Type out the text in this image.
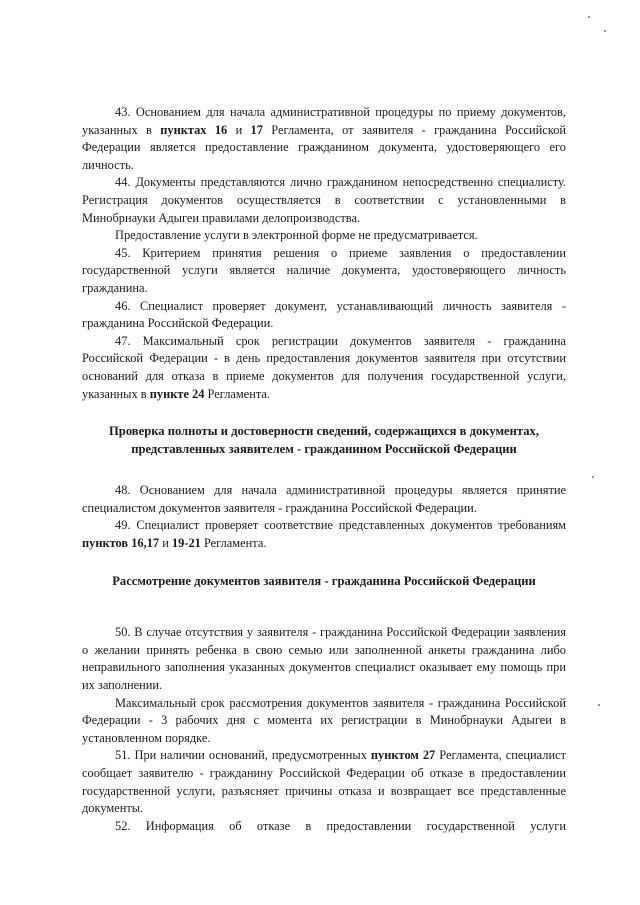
43. Основанием для начала административной процедуры по приему документов, указанных в пунктах 16 и 17 Регламента, от заявителя - гражданина Российской Федерации является предоставление гражданином документа, удостоверяющего его личность.

44. Документы представляются лично гражданином непосредственно специалисту. Регистрация документов осуществляется в соответствии с установленными в Минобрнауки Адыгеи правилами делопроизводства.

Предоставление услуги в электронной форме не предусматривается.

45. Критерием принятия решения о приеме заявления о предоставлении государственной услуги является наличие документа, удостоверяющего личность гражданина.

46. Специалист проверяет документ, устанавливающий личность заявителя - гражданина Российской Федерации.

47. Максимальный срок регистрации документов заявителя - гражданина Российской Федерации - в день предоставления документов заявителя при отсутствии оснований для отказа в приеме документов для получения государственной услуги, указанных в пункте 24 Регламента.

Проверка полноты и достоверности сведений, содержащихся в документах,
представленных заявителем - гражданином Российской Федерации

48. Основанием для начала административной процедуры является принятие специалистом документов заявителя - гражданина Российской Федерации.

49. Специалист проверяет соответствие представленных документов требованиям пунктов 16,17 и 19-21 Регламента.

Рассмотрение документов заявителя - гражданина Российской Федерации

50. В случае отсутствия у заявителя - гражданина Российской Федерации заявления о желании принять ребенка в свою семью или заполненной анкеты гражданина либо неправильного заполнения указанных документов специалист оказывает ему помощь при их заполнении.

Максимальный срок рассмотрения документов заявителя - гражданина Российской Федерации - 3 рабочих дня с момента их регистрации в Минобрнауки Адыгеи в установленном порядке.

51. При наличии оснований, предусмотренных пунктом 27 Регламента, специалист сообщает заявителю - гражданину Российской Федерации об отказе в предоставлении государственной услуги, разъясняет причины отказа и возвращает все представленные документы.

52. Информация об отказе в предоставлении государственной услуги
